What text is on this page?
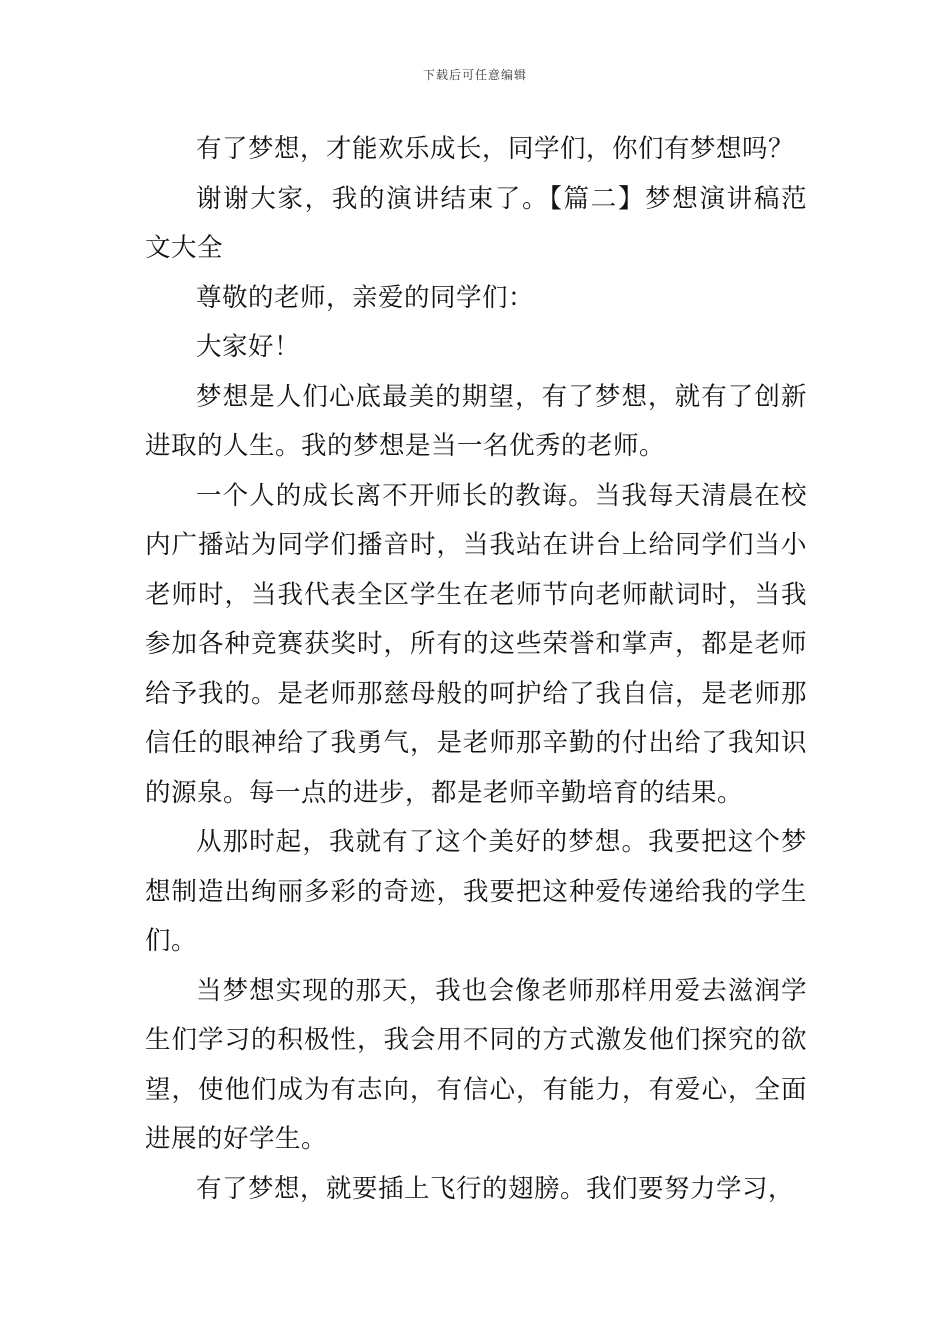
下载后可任意编辑

有了梦想，才能欢乐成长，同学们，你们有梦想吗？

谢谢大家，我的演讲结束了。【篇二】梦想演讲稿范文大全

尊敬的老师，亲爱的同学们：

大家好！

梦想是人们心底最美的期望，有了梦想，就有了创新进取的人生。我的梦想是当一名优秀的老师。

一个人的成长离不开师长的教诲。当我每天清晨在校内广播站为同学们播音时，当我站在讲台上给同学们当小老师时，当我代表全区学生在老师节向老师献词时，当我参加各种竞赛获奖时，所有的这些荣誉和掌声，都是老师给予我的。是老师那慈母般的呵护给了我自信，是老师那信任的眼神给了我勇气，是老师那辛勤的付出给了我知识的源泉。每一点的进步，都是老师辛勤培育的结果。

从那时起，我就有了这个美好的梦想。我要把这个梦想制造出绚丽多彩的奇迹，我要把这种爱传递给我的学生们。

当梦想实现的那天，我也会像老师那样用爱去滋润学生们学习的积极性，我会用不同的方式激发他们探究的欲望，使他们成为有志向，有信心，有能力，有爱心，全面进展的好学生。

有了梦想，就要插上飞行的翅膀。我们要努力学习，
